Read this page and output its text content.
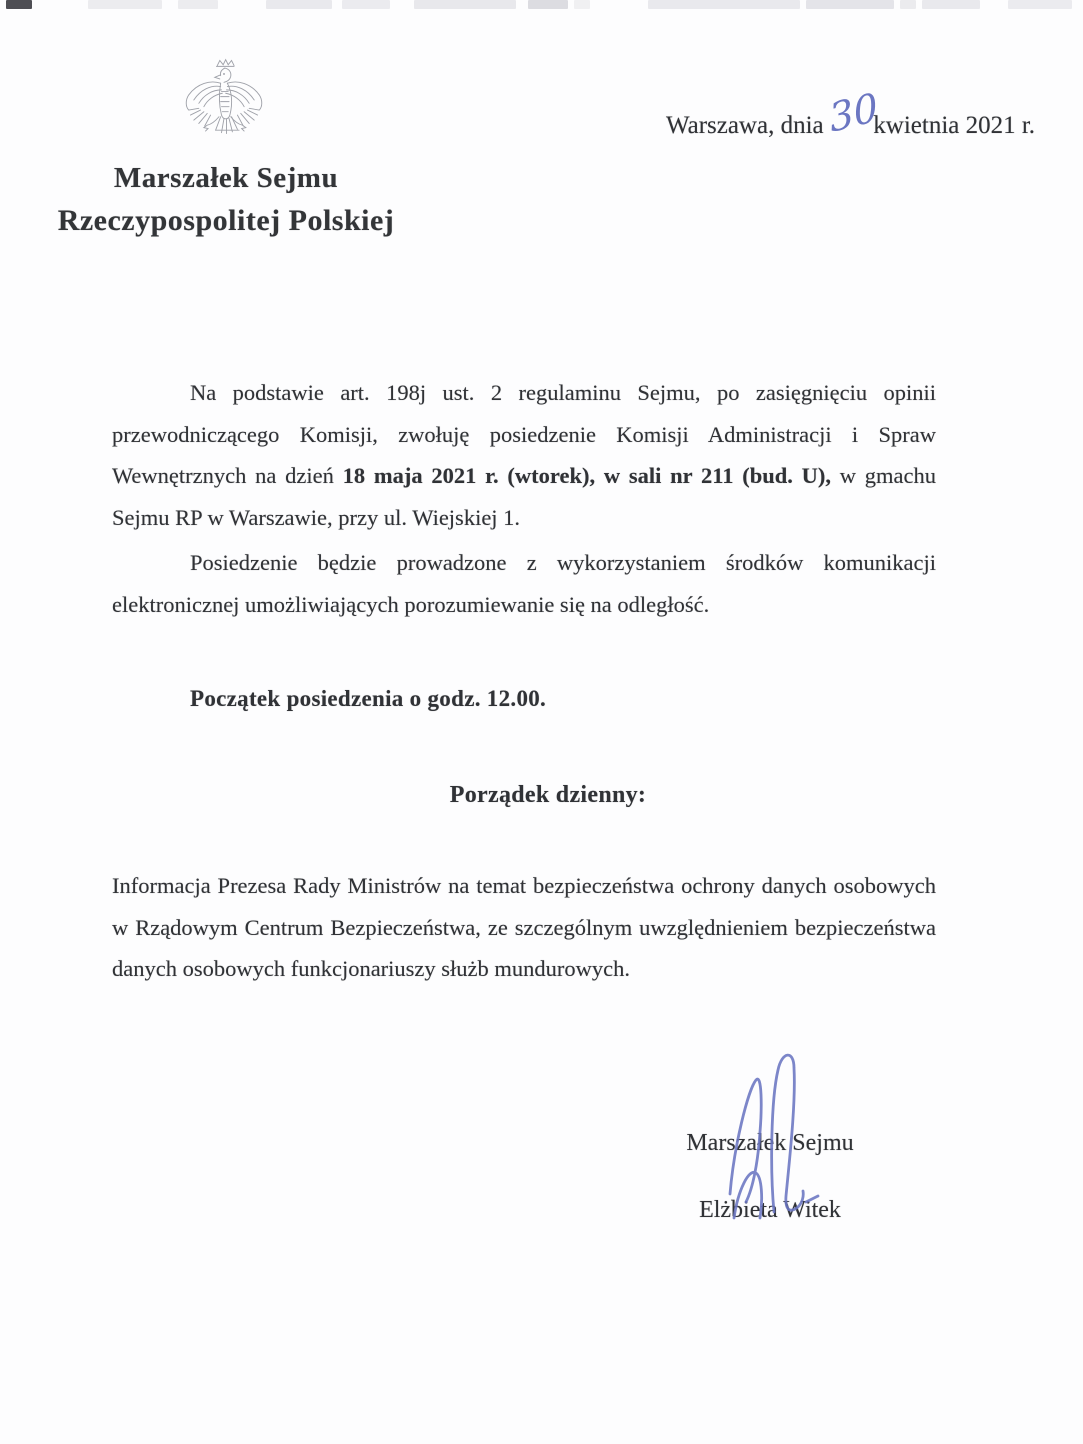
Marszałek Sejmu
Rzeczypospolitej Polskiej
Warszawa, dnia30kwietnia 2021 r.
Na podstawie art. 198j ust. 2 regulaminu Sejmu, po zasięgnięciu opinii
przewodniczącego Komisji, zwołuję posiedzenie Komisji Administracji i Spraw
Wewnętrznych na dzień 18 maja 2021 r. (wtorek), w sali nr 211 (bud. U), w gmachu
Sejmu RP w Warszawie, przy ul. Wiejskiej 1.
Posiedzenie będzie prowadzone z wykorzystaniem środków komunikacji
elektronicznej umożliwiających porozumiewanie się na odległość.
Początek posiedzenia o godz. 12.00.
Porządek dzienny:
Informacja Prezesa Rady Ministrów na temat bezpieczeństwa ochrony danych osobowych
w Rządowym Centrum Bezpieczeństwa, ze szczególnym uwzględnieniem bezpieczeństwa
danych osobowych funkcjonariuszy służb mundurowych.
Marszałek Sejmu
Elżbieta Witek
